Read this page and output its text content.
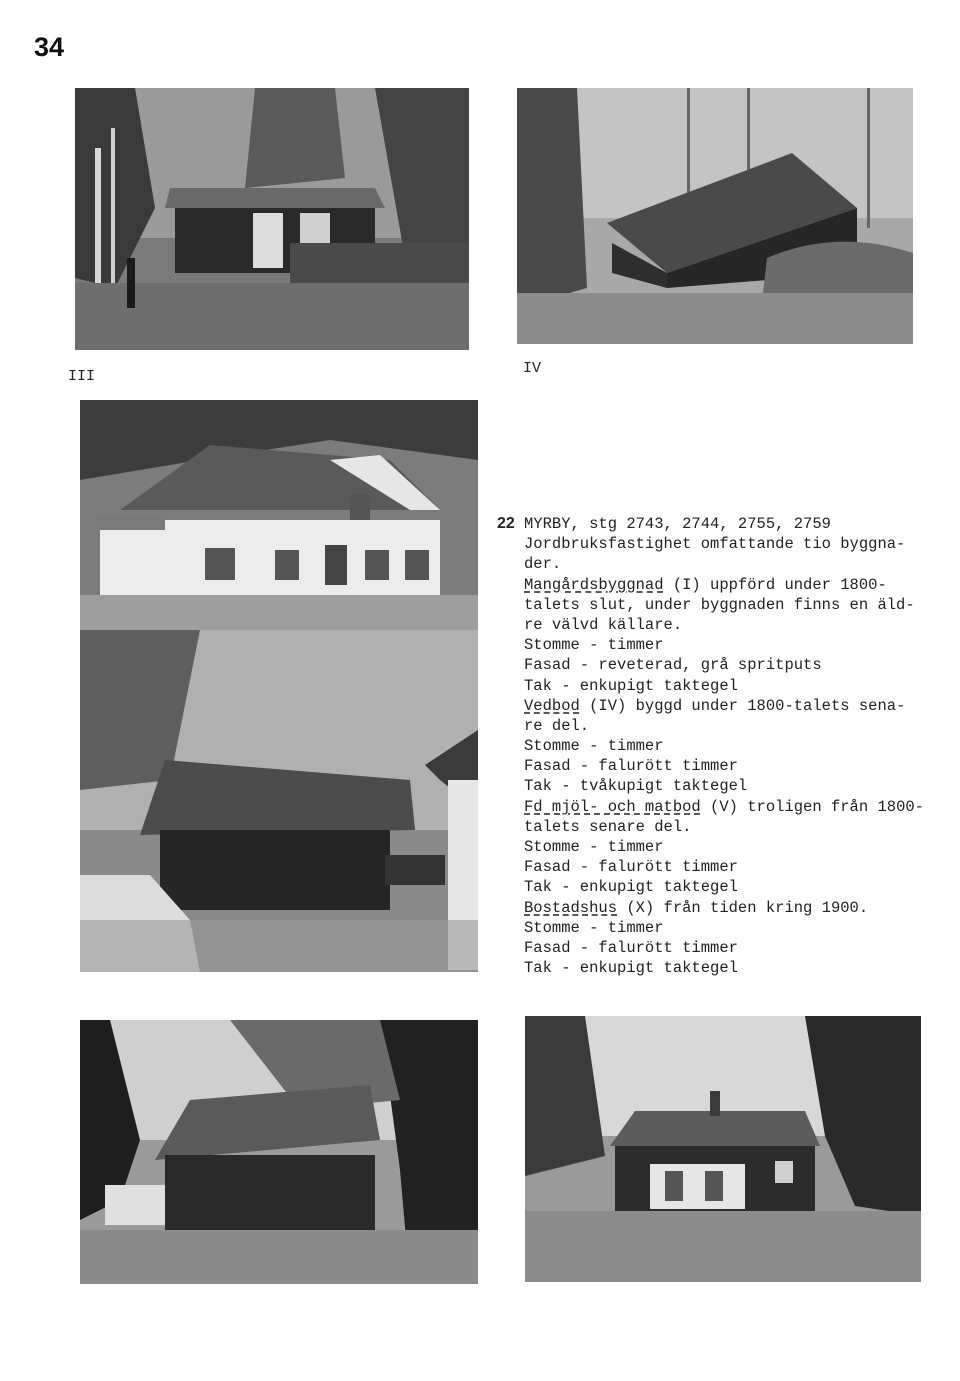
34
III	IV
22 MYRBY, stg 2743, 2744, 2755, 2759
Jordbruksfastighet omfattande tio byggna-
der.
Mangårdsbyggnad (I) uppförd under 1800-
talets slut, under byggnaden finns en äld-
re välvd källare.
Stomme - timmer
Fasad - reveterad, grå spritputs
Tak - enkupigt taktegel
Vedbod (IV) byggd under 1800-talets sena-
re del.
Stomme - timmer
Fasad - falurött timmer
Tak - tvåkupigt taktegel
Fd mjöl- och matbod (V) troligen från 1800-
talets senare del.
Stomme - timmer
Fasad - falurött timmer
Tak - enkupigt taktegel
Bostadshus (X) från tiden kring 1900.
Stomme - timmer
Fasad - falurött timmer
Tak - enkupigt taktegel
